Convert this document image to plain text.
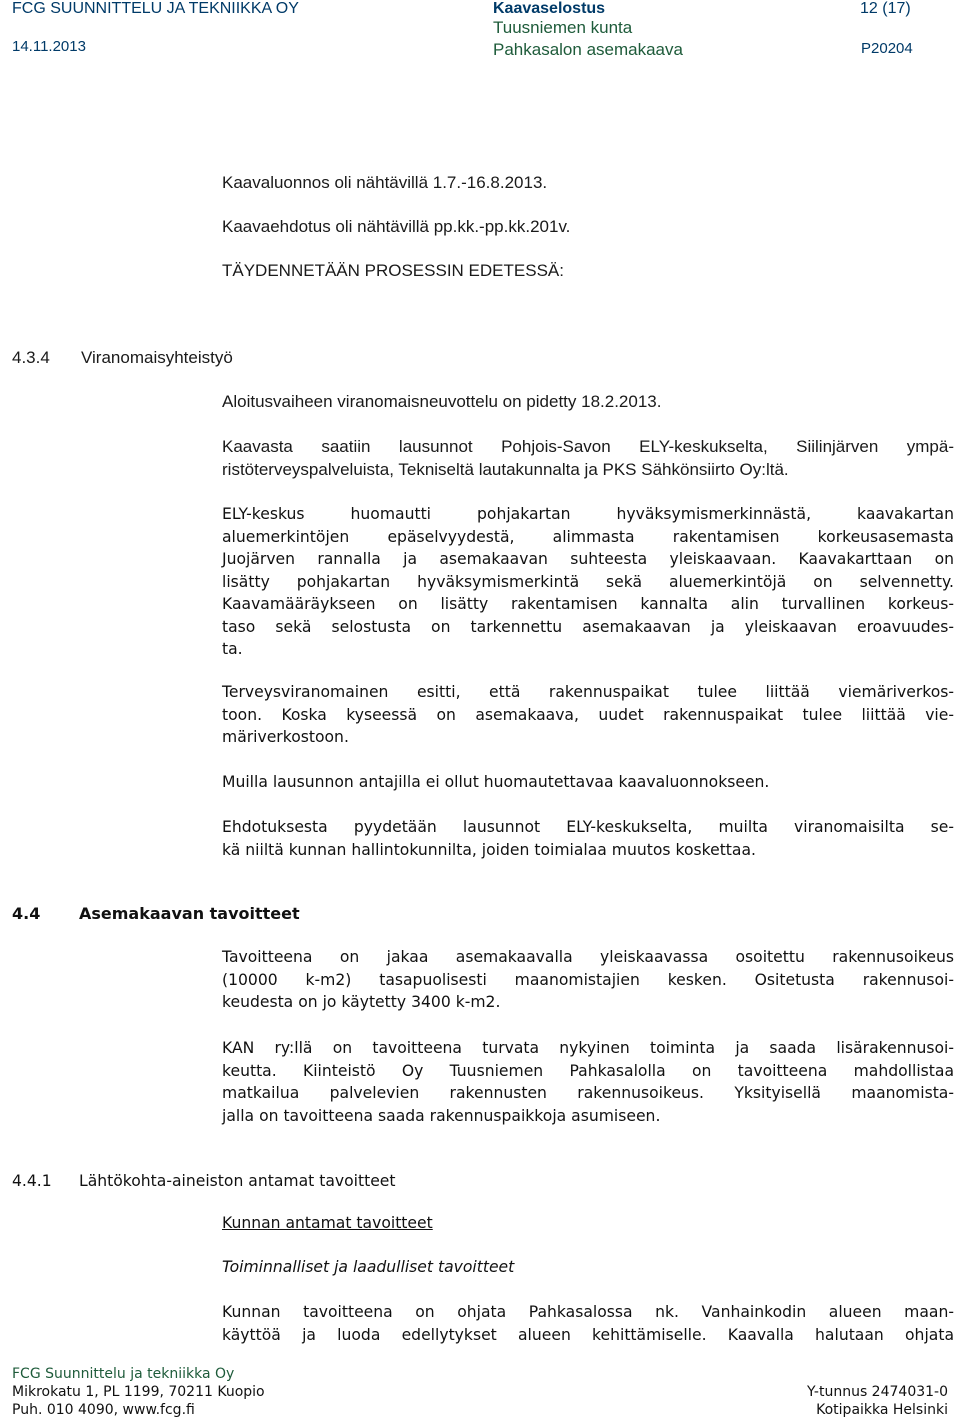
FCG SUUNNITTELU JA TEKNIIKKA OY
14.11.2013
Kaavaselostus
Tuusniemen kunta
Pahkasalon asemakaava
12 (17)
P20204
Kaavaluonnos oli nähtävillä 1.7.-16.8.2013.
Kaavaehdotus oli nähtävillä pp.kk.-pp.kk.201v.
TÄYDENNETÄÄN PROSESSIN EDETESSÄ:
4.3.4 Viranomaisyhteistyö
Aloitusvaiheen viranomaisneuvottelu on pidetty 18.2.2013.
Kaavasta saatiin lausunnot Pohjois-Savon ELY-keskukselta, Siilinjärven ympä-
ristöterveyspalveluista, Tekniseltä lautakunnalta ja PKS Sähkönsiirto Oy:ltä.
ELY-keskus huomautti pohjakartan hyväksymismerkinnästä, kaavakartan
aluemerkintöjen epäselvyydestä, alimmasta rakentamisen korkeusasemasta
Juojärven rannalla ja asemakaavan suhteesta yleiskaavaan. Kaavakarttaan on
lisätty pohjakartan hyväksymismerkintä sekä aluemerkintöjä on selvennetty.
Kaavamääräykseen on lisätty rakentamisen kannalta alin turvallinen korkeus-
taso sekä selostusta on tarkennettu asemakaavan ja yleiskaavan eroavuudes-
ta.
Terveysviranomainen esitti, että rakennuspaikat tulee liittää viemäriverkos-
toon. Koska kyseessä on asemakaava, uudet rakennuspaikat tulee liittää vie-
märiverkostoon.
Muilla lausunnon antajilla ei ollut huomautettavaa kaavaluonnokseen.
Ehdotuksesta pyydetään lausunnot ELY-keskukselta, muilta viranomaisilta se-
kä niiltä kunnan hallintokunnilta, joiden toimialaa muutos koskettaa.
4.4 Asemakaavan tavoitteet
Tavoitteena on jakaa asemakaavalla yleiskaavassa osoitettu rakennusoikeus
(10000 k-m2) tasapuolisesti maanomistajien kesken. Ositetusta rakennusoi-
keudesta on jo käytetty 3400 k-m2.
KAN ry:llä on tavoitteena turvata nykyinen toiminta ja saada lisärakennusoi-
keutta. Kiinteistö Oy Tuusniemen Pahkasalolla on tavoitteena mahdollistaa
matkailua palvelevien rakennusten rakennusoikeus. Yksityisellä maanomista-
jalla on tavoitteena saada rakennuspaikkoja asumiseen.
4.4.1 Lähtökohta-aineiston antamat tavoitteet
Kunnan antamat tavoitteet
Toiminnalliset ja laadulliset tavoitteet
Kunnan tavoitteena on ohjata Pahkasalossa nk. Vanhainkodin alueen maan-
käyttöä ja luoda edellytykset alueen kehittämiselle. Kaavalla halutaan ohjata
FCG Suunnittelu ja tekniikka Oy
Mikrokatu 1, PL 1199, 70211 Kuopio
Puh. 010 4090, www.fcg.fi
Y-tunnus 2474031-0
Kotipaikka Helsinki
